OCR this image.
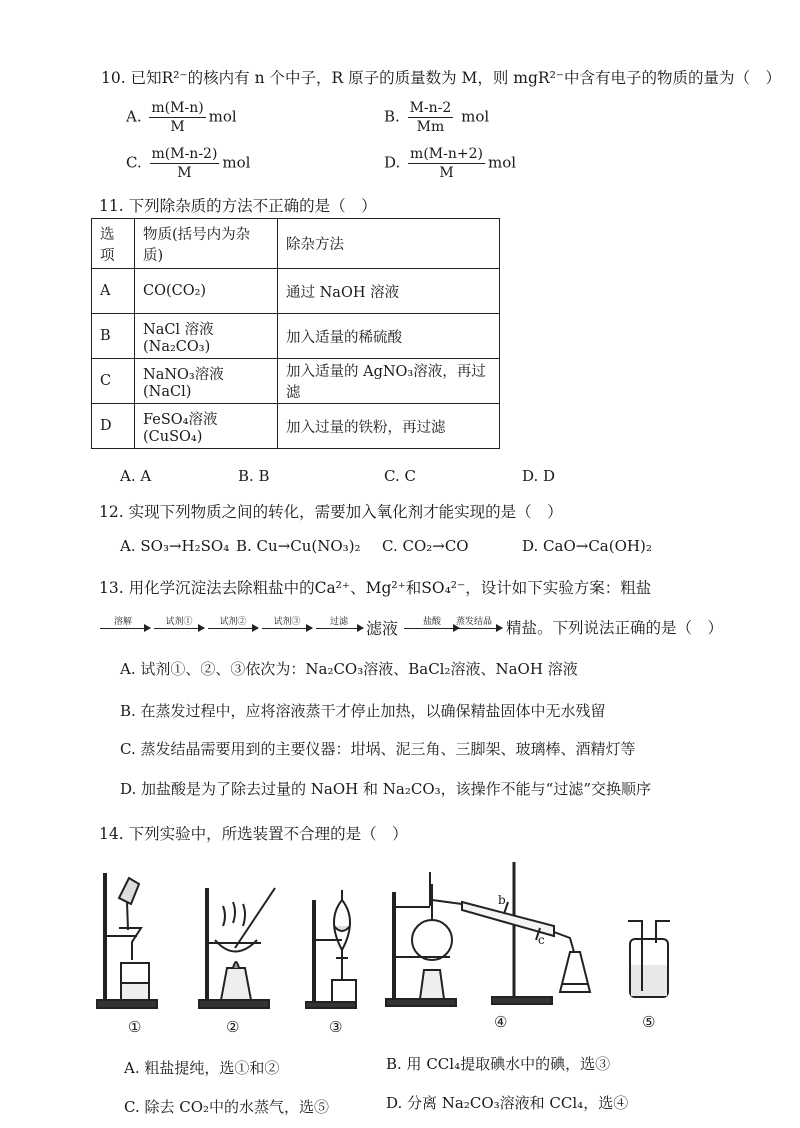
10. 已知R²⁻的核内有 n 个中子，R 原子的质量数为 M，则 mgR²⁻中含有电子的物质的量为（　）
A. $\frac{m(M-n)}{M}$ mol	B. $\frac{M-n-2}{Mm}$ mol
C. $\frac{m(M-n-2)}{M}$ mol	D. $\frac{m(M-n+2)}{M}$ mol
11. 下列除杂质的方法不正确的是（　）
选项	物质(括号内为杂质)	除杂方法
A	CO(CO₂)	通过 NaOH 溶液
B	NaCl 溶液(Na₂CO₃)	加入适量的稀硫酸
C	NaNO₃溶液(NaCl)	加入适量的 AgNO₃溶液，再过滤
D	FeSO₄溶液(CuSO₄)	加入过量的铁粉，再过滤
A. A	B. B	C. C	D. D
12. 实现下列物质之间的转化，需要加入氧化剂才能实现的是（　）
A. SO₃→H₂SO₄ B. Cu→Cu(NO₃)₂ C. CO₂→CO	D. CaO→Ca(OH)₂
13. 用化学沉淀法去除粗盐中的Ca²⁺、Mg²⁺和SO₄²⁻，设计如下实验方案：粗盐
溶解	试剂①	试剂②	试剂③	过滤 滤液	盐酸 蒸发结晶 精盐。下列说法正确的是（　）
A. 试剂①、②、③依次为：Na₂CO₃溶液、BaCl₂溶液、NaOH 溶液
B. 在蒸发过程中，应将溶液蒸干才停止加热，以确保精盐固体中无水残留
C. 蒸发结晶需要用到的主要仪器：坩埚、泥三角、三脚架、玻璃棒、酒精灯等
D. 加盐酸是为了除去过量的 NaOH 和 Na₂CO₃，该操作不能与“过滤”交换顺序
14. 下列实验中，所选装置不合理的是（　）
①	②	③
b
c
④	⑤
A. 粗盐提纯，选①和②	B. 用 CCl₄提取碘水中的碘，选③
C. 除去 CO₂中的水蒸气，选⑤	D. 分离 Na₂CO₃溶液和 CCl₄，选④
